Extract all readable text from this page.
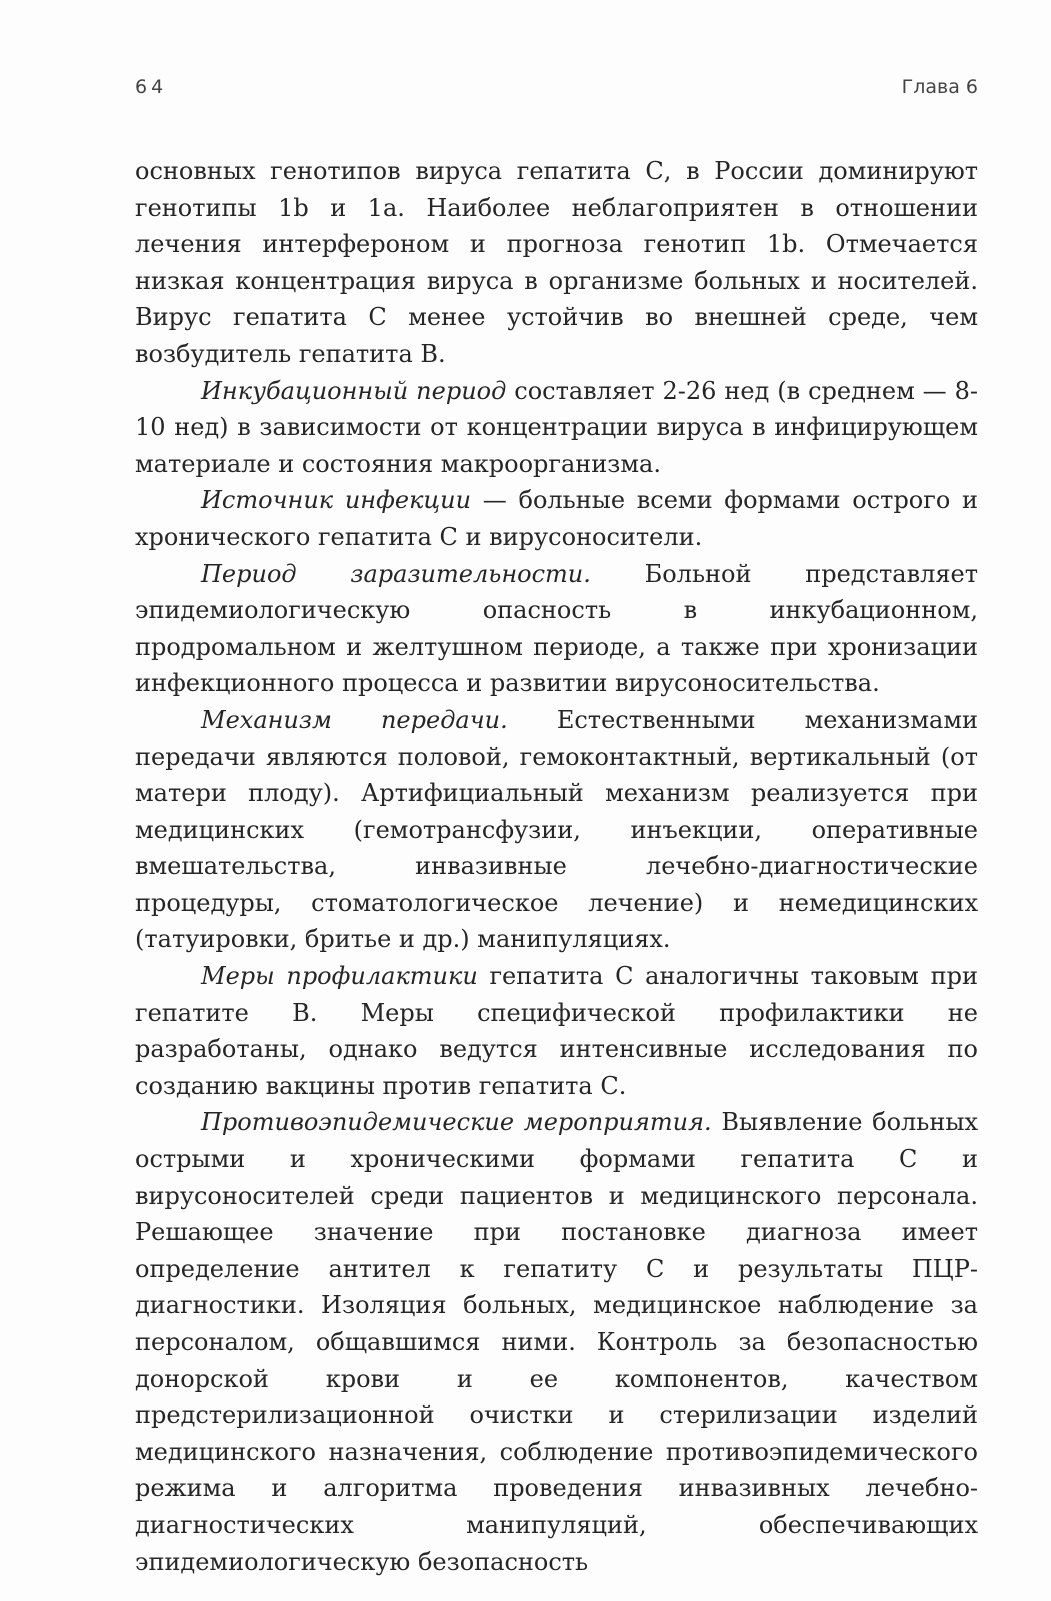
64	Глава 6

основных генотипов вируса гепатита С, в России доминируют генотипы 1b и 1a. Наиболее неблагоприятен в отношении лечения интерфероном и прогноза генотип 1b. Отмечается низкая концентрация вируса в организме больных и носителей. Вирус гепатита С менее устойчив во внешней среде, чем возбудитель гепатита В.

Инкубационный период составляет 2-26 нед (в среднем — 8-10 нед) в зависимости от концентрации вируса в инфицирующем материале и состояния макроорганизма.

Источник инфекции — больные всеми формами острого и хронического гепатита С и вирусоносители.

Период заразительности. Больной представляет эпидемиологическую опасность в инкубационном, продромальном и желтушном периоде, а также при хронизации инфекционного процесса и развитии вирусоносительства.

Механизм передачи. Естественными механизмами передачи являются половой, гемоконтактный, вертикальный (от матери плоду). Артифициальный механизм реализуется при медицинских (гемотрансфузии, инъекции, оперативные вмешательства, инвазивные лечебно-диагностические процедуры, стоматологическое лечение) и немедицинских (татуировки, бритье и др.) манипуляциях.

Меры профилактики гепатита С аналогичны таковым при гепатите В. Меры специфической профилактики не разработаны, однако ведутся интенсивные исследования по созданию вакцины против гепатита С.

Противоэпидемические мероприятия. Выявление больных острыми и хроническими формами гепатита С и вирусоносителей среди пациентов и медицинского персонала. Решающее значение при постановке диагноза имеет определение антител к гепатиту С и результаты ПЦР-диагностики. Изоляция больных, медицинское наблюдение за персоналом, общавшимся ними. Контроль за безопасностью донорской крови и ее компонентов, качеством предстерилизационной очистки и стерилизации изделий медицинского назначения, соблюдение противоэпидемического режима и алгоритма проведения инвазивных лечебно-диагностических манипуляций, обеспечивающих эпидемиологическую безопасность
